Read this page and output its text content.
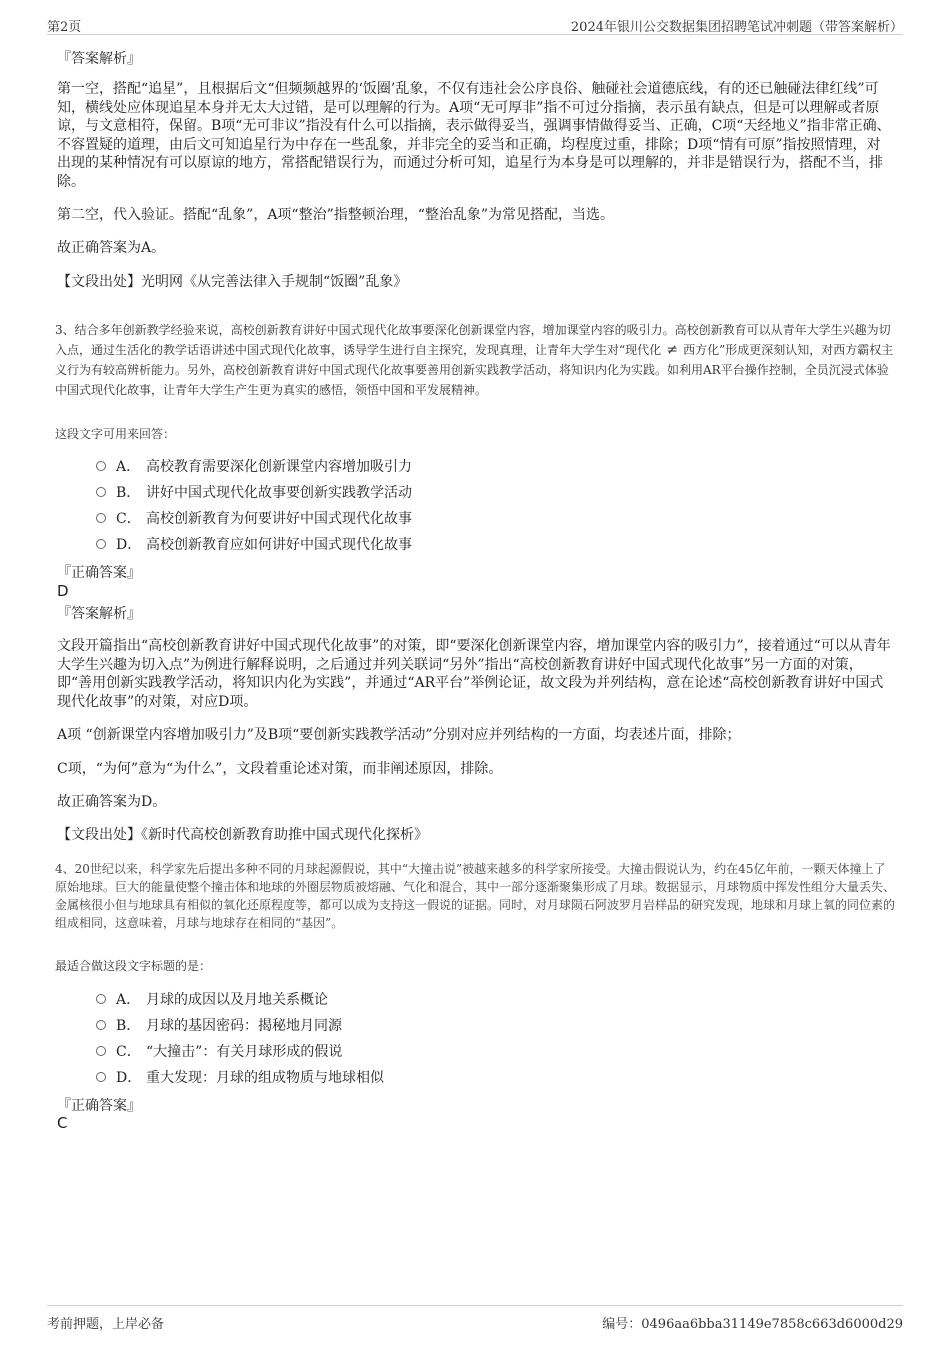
第2页	2024年银川公交数据集团招聘笔试冲刺题（带答案解析）
『答案解析』
第一空，搭配“追星”，且根据后文“但频频越界的‘饭圈’乱象，不仅有违社会公序良俗、触碰社会道德底线，有的还已触碰法律红线”可知，横线处应体现追星本身并无太大过错，是可以理解的行为。A项“无可厚非”指不可过分指摘，表示虽有缺点，但是可以理解或者原谅，与文意相符，保留。B项“无可非议”指没有什么可以指摘，表示做得妥当，强调事情做得妥当、正确，C项“天经地义”指非常正确、不容置疑的道理，由后文可知追星行为中存在一些乱象，并非完全的妥当和正确，均程度过重，排除；D项“情有可原”指按照情理，对出现的某种情况有可以原谅的地方，常搭配错误行为，而通过分析可知，追星行为本身是可以理解的，并非是错误行为，搭配不当，排除。
第二空，代入验证。搭配“乱象”，A项“整治”指整顿治理，“整治乱象”为常见搭配，当选。
故正确答案为A。
【文段出处】光明网《从完善法律入手规制“饭圈”乱象》
3、结合多年创新教学经验来说，高校创新教育讲好中国式现代化故事要深化创新课堂内容，增加课堂内容的吸引力。高校创新教育可以从青年大学生兴趣为切入点，通过生活化的教学话语讲述中国式现代化故事，诱导学生进行自主探究，发现真理，让青年大学生对“现代化 ≠ 西方化”形成更深刻认知，对西方霸权主义行为有较高辨析能力。另外，高校创新教育讲好中国式现代化故事要善用创新实践教学活动，将知识内化为实践。如利用AR平台操作控制，全员沉浸式体验中国式现代化故事，让青年大学生产生更为真实的感悟，领悟中国和平发展精神。
这段文字可用来回答：
A． 高校教育需要深化创新课堂内容增加吸引力
B． 讲好中国式现代化故事要创新实践教学活动
C． 高校创新教育为何要讲好中国式现代化故事
D． 高校创新教育应如何讲好中国式现代化故事
『正确答案』
D
『答案解析』
文段开篇指出“高校创新教育讲好中国式现代化故事”的对策，即“要深化创新课堂内容，增加课堂内容的吸引力”，接着通过“可以从青年大学生兴趣为切入点”为例进行解释说明，之后通过并列关联词“另外”指出“高校创新教育讲好中国式现代化故事”另一方面的对策，即“善用创新实践教学活动，将知识内化为实践”，并通过“AR平台”举例论证，故文段为并列结构，意在论述“高校创新教育讲好中国式现代化故事”的对策，对应D项。
A项 “创新课堂内容增加吸引力”及B项“要创新实践教学活动”分别对应并列结构的一方面，均表述片面，排除；
C项，“为何”意为“为什么”，文段着重论述对策，而非阐述原因，排除。
故正确答案为D。
【文段出处】《新时代高校创新教育助推中国式现代化探析》
4、20世纪以来，科学家先后提出多种不同的月球起源假说，其中“大撞击说”被越来越多的科学家所接受。大撞击假说认为，约在45亿年前，一颗天体撞上了原始地球。巨大的能量使整个撞击体和地球的外圈层物质被熔融、气化和混合，其中一部分逐渐聚集形成了月球。数据显示，月球物质中挥发性组分大量丢失、金属核很小但与地球具有相似的氧化还原程度等，都可以成为支持这一假说的证据。同时，对月球陨石阿波罗月岩样品的研究发现，地球和月球上氧的同位素的组成相同，这意味着，月球与地球存在相同的“基因”。
最适合做这段文字标题的是：
A． 月球的成因以及月地关系概论
B． 月球的基因密码：揭秘地月同源
C． “大撞击”：有关月球形成的假说
D． 重大发现：月球的组成物质与地球相似
『正确答案』
C
考前押题，上岸必备	编号：0496aa6bba31149e7858c663d6000d29
